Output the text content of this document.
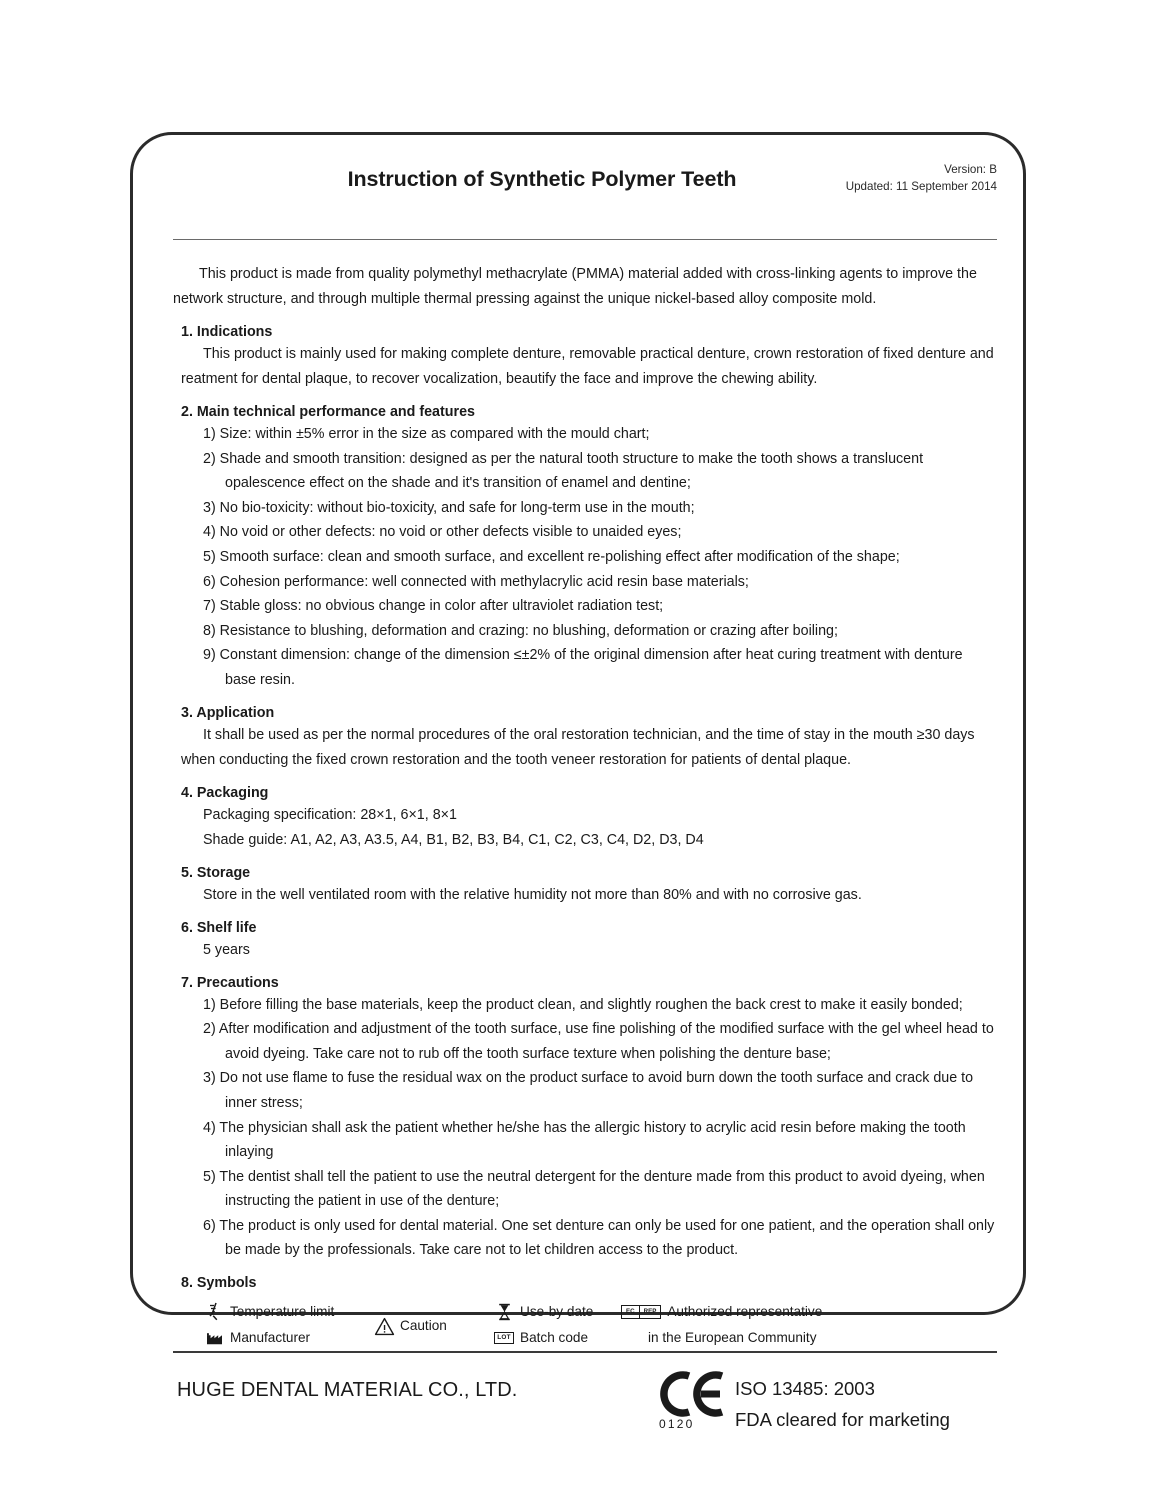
Instruction of Synthetic Polymer Teeth	Version: B
Updated: 11 September 2014
This product is made from quality polymethyl methacrylate (PMMA) material added with cross-linking agents to improve the network structure, and through multiple thermal pressing against the unique nickel-based alloy composite mold.
1. Indications
This product is mainly used for making complete denture, removable practical denture, crown restoration of fixed denture and reatment for dental plaque, to recover vocalization, beautify the face and improve the chewing ability.
2. Main technical performance and features
1) Size: within ±5% error in the size as compared with the mould chart;
2) Shade and smooth transition: designed as per the natural tooth structure to make the tooth shows a translucent opalescence effect on the shade and it's transition of enamel and dentine;
3) No bio-toxicity: without bio-toxicity, and safe for long-term use in the mouth;
4) No void or other defects: no void or other defects visible to unaided eyes;
5) Smooth surface: clean and smooth surface, and excellent re-polishing effect after modification of the shape;
6) Cohesion performance: well connected with methylacrylic acid resin base materials;
7) Stable gloss: no obvious change in color after ultraviolet radiation test;
8) Resistance to blushing, deformation and crazing: no blushing, deformation or crazing after boiling;
9) Constant dimension: change of the dimension ≤±2% of the original dimension after heat curing treatment with denture base resin.
3. Application
It shall be used as per the normal procedures of the oral restoration technician, and the time of stay in the mouth ≥30 days when conducting the fixed crown restoration and the tooth veneer restoration for patients of dental plaque.
4. Packaging
Packaging specification: 28×1, 6×1, 8×1
Shade guide: A1, A2, A3, A3.5, A4, B1, B2, B3, B4, C1, C2, C3, C4, D2, D3, D4
5. Storage
Store in the well ventilated room with the relative humidity not more than 80% and with no corrosive gas.
6. Shelf life
5 years
7. Precautions
1) Before filling the base materials, keep the product clean, and slightly roughen the back crest to make it easily bonded;
2) After modification and adjustment of the tooth surface, use fine polishing of the modified surface with the gel wheel head to avoid dyeing. Take care not to rub off the tooth surface texture when polishing the denture base;
3) Do not use flame to fuse the residual wax on the product surface to avoid burn down the tooth surface and crack due to inner stress;
4) The physician shall ask the patient whether he/she has the allergic history to acrylic acid resin before making the tooth inlaying
5) The dentist shall tell the patient to use the neutral detergent for the denture made from this product to avoid dyeing, when instructing the patient in use of the denture;
6) The product is only used for dental material. One set denture can only be used for one patient, and the operation shall only be made by the professionals. Take care not to let children access to the product.
8. Symbols
Temperature limit
Manufacturer
Caution
Use-by date
LOT Batch code
EC	REP Authorized representative
in the European Community
HUGE DENTAL MATERIAL CO., LTD.
0120
ISO 13485: 2003
FDA cleared for marketing
